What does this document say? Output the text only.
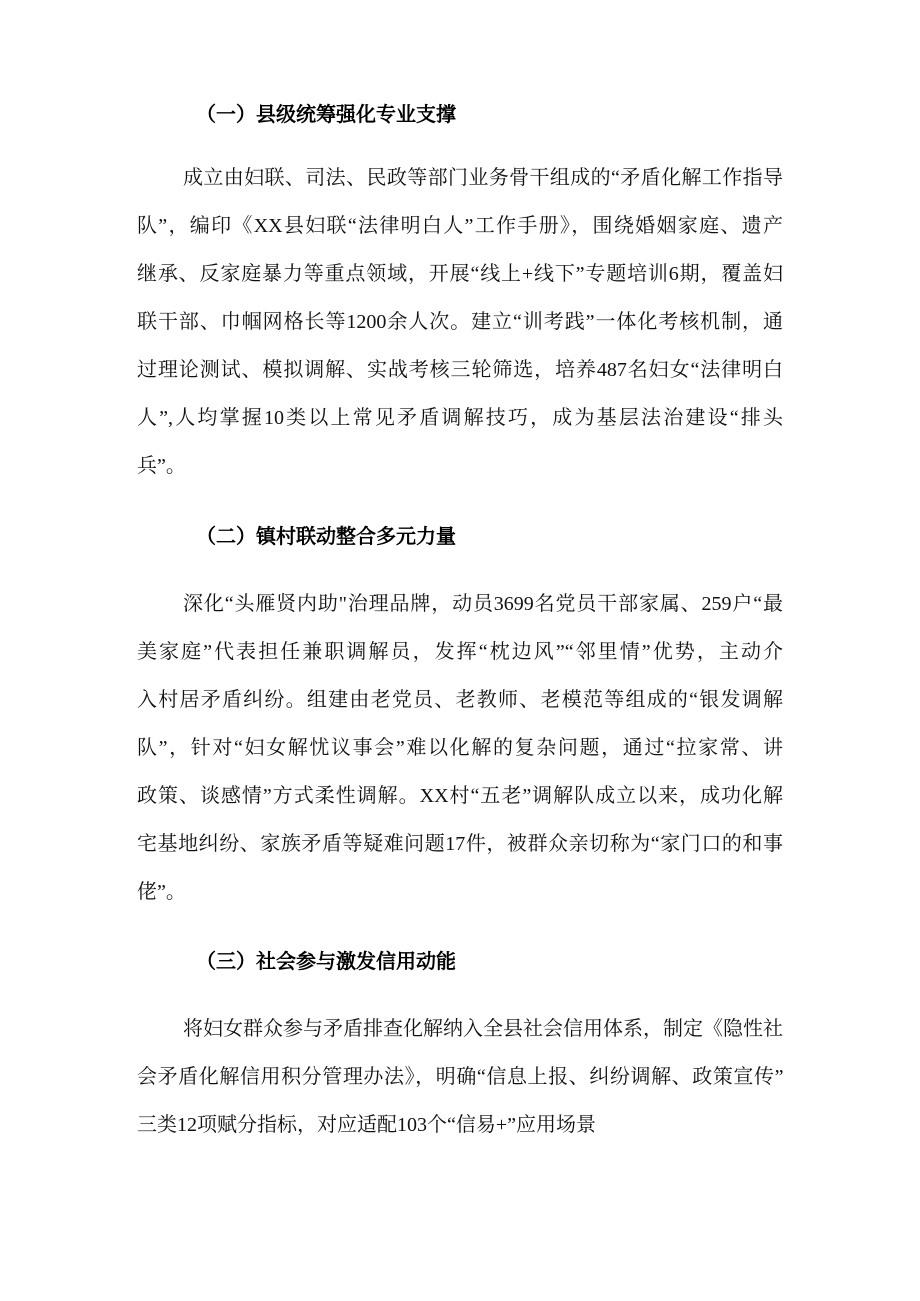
（一）县级统筹强化专业支撑
成立由妇联、司法、民政等部门业务骨干组成的“矛盾化解工作指导
队”，编印《XX县妇联“法律明白人”工作手册》，围绕婚姻家庭、遗产
继承、反家庭暴力等重点领域，开展“线上+线下”专题培训6期，覆盖妇
联干部、巾帼网格长等1200余人次。建立“训考践”一体化考核机制，通
过理论测试、模拟调解、实战考核三轮筛选，培养487名妇女“法律明白
人”,人均掌握10类以上常见矛盾调解技巧，成为基层法治建设“排头
兵”。
（二）镇村联动整合多元力量
深化“头雁贤内助"治理品牌，动员3699名党员干部家属、259户“最
美家庭”代表担任兼职调解员，发挥“枕边风”“邻里情”优势，主动介
入村居矛盾纠纷。组建由老党员、老教师、老模范等组成的“银发调解
队”，针对“妇女解忧议事会”难以化解的复杂问题，通过“拉家常、讲
政策、谈感情”方式柔性调解。XX村“五老”调解队成立以来，成功化解
宅基地纠纷、家族矛盾等疑难问题17件，被群众亲切称为“家门口的和事
佬”。
（三）社会参与激发信用动能
将妇女群众参与矛盾排查化解纳入全县社会信用体系，制定《隐性社
会矛盾化解信用积分管理办法》，明确“信息上报、纠纷调解、政策宣传”
三类12项赋分指标，对应适配103个“信易+”应用场景
